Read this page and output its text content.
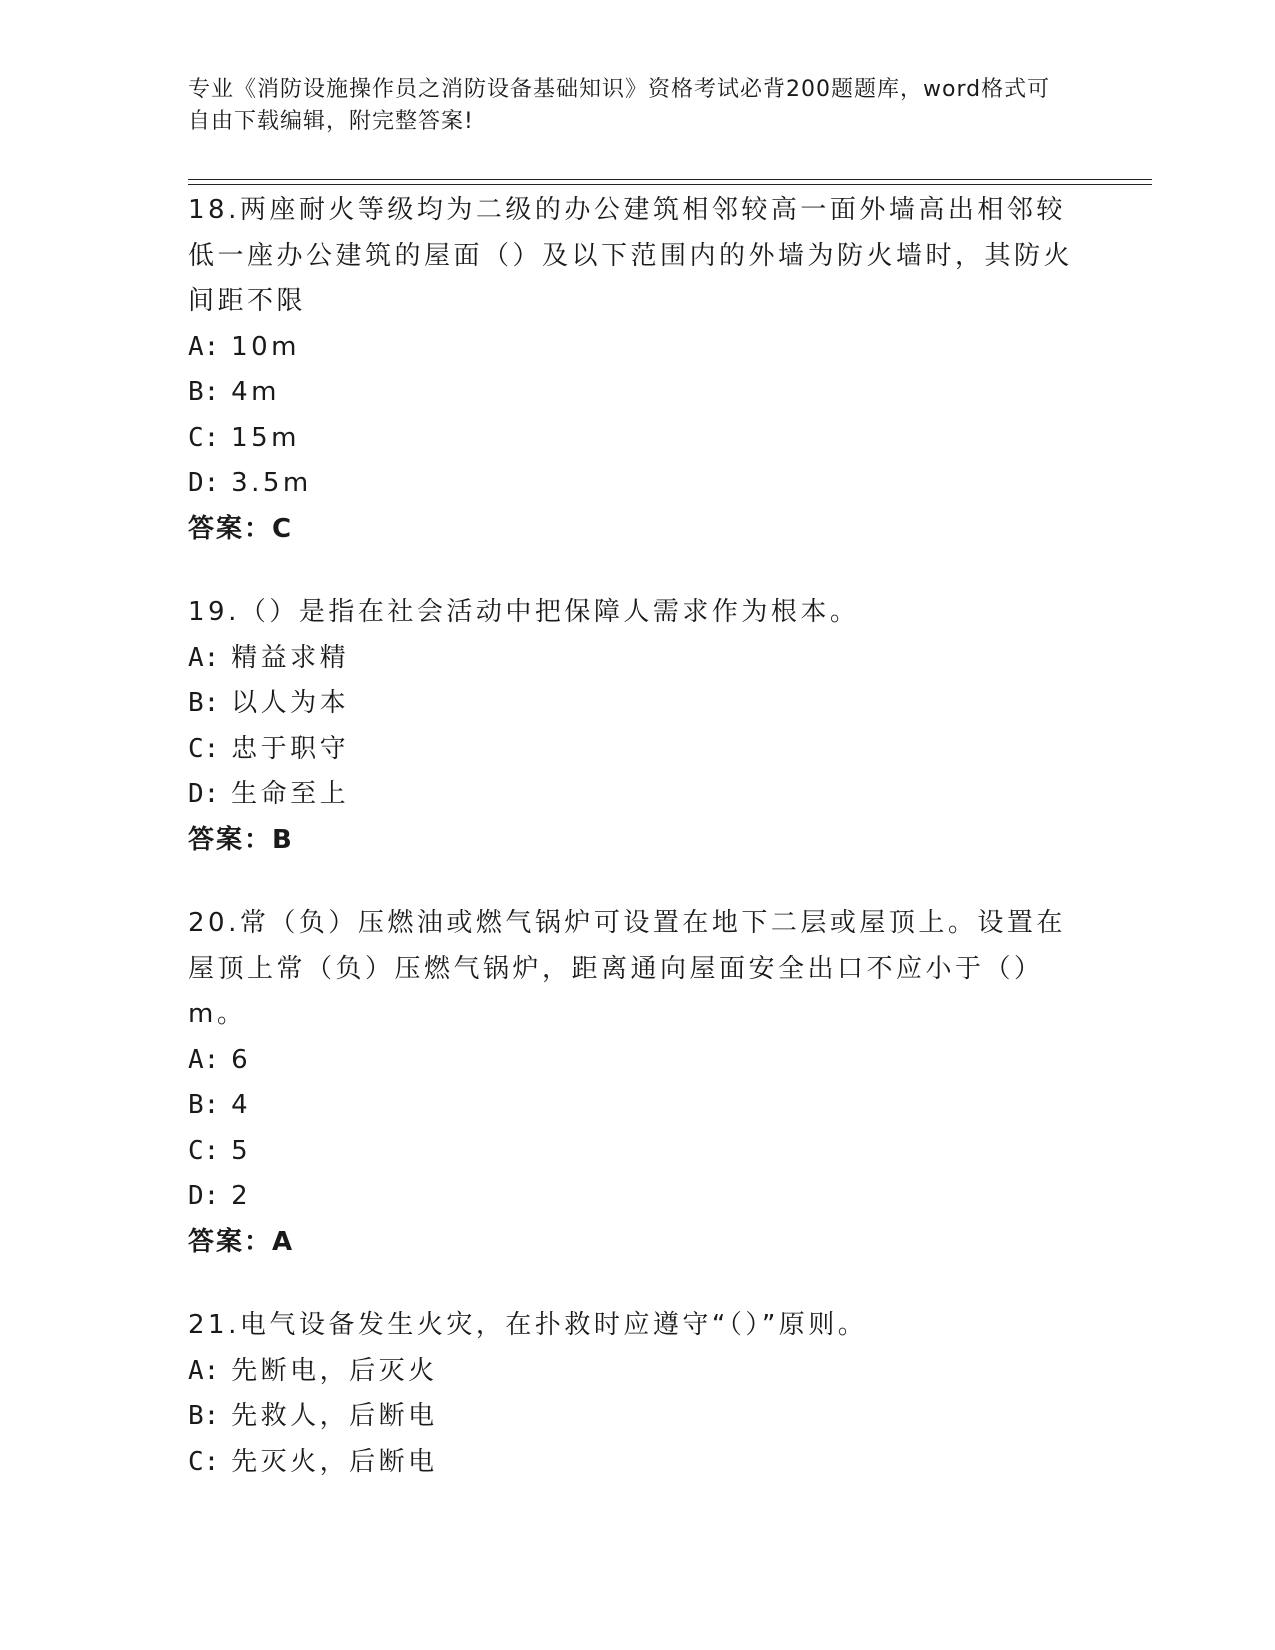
专业《消防设施操作员之消防设备基础知识》资格考试必背200题题库，word格式可自由下载编辑，附完整答案!

18.两座耐火等级均为二级的办公建筑相邻较高一面外墙高出相邻较低一座办公建筑的屋面（）及以下范围内的外墙为防火墙时，其防火间距不限

A: 10m

B: 4m

C: 15m

D: 3.5m

答案：C

19.（）是指在社会活动中把保障人需求作为根本。

A: 精益求精

B: 以人为本

C: 忠于职守

D: 生命至上

答案：B

20.常（负）压燃油或燃气锅炉可设置在地下二层或屋顶上。设置在屋顶上常（负）压燃气锅炉，距离通向屋面安全出口不应小于（）m。

A: 6

B: 4

C: 5

D: 2

答案：A

21.电气设备发生火灾，在扑救时应遵守“（）”原则。

A: 先断电，后灭火

B: 先救人，后断电

C: 先灭火，后断电
